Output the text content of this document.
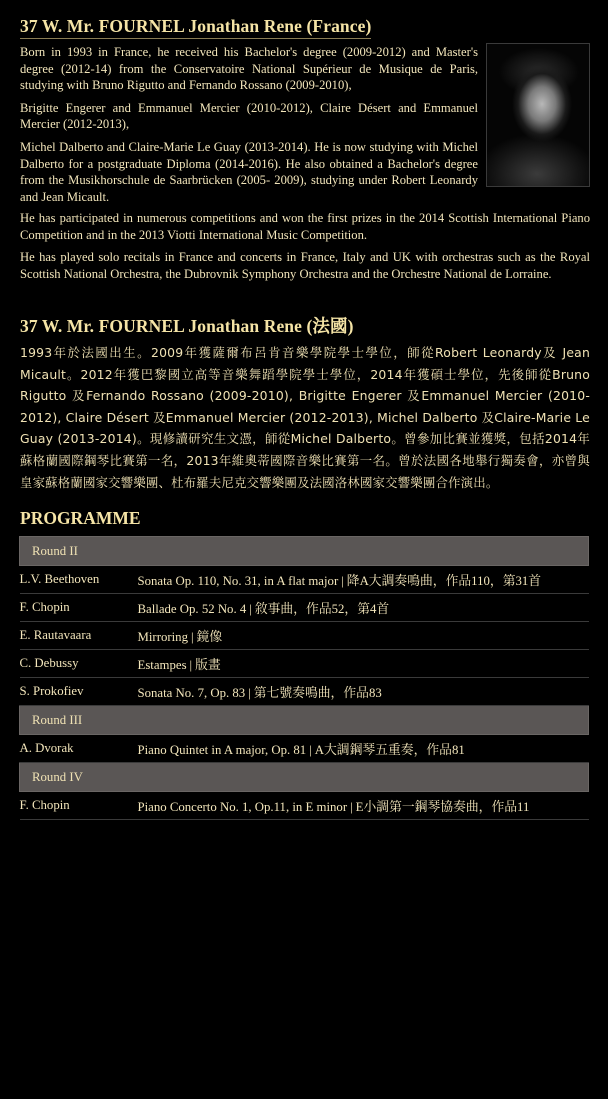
37 W. Mr. FOURNEL Jonathan Rene (France)

Born in 1993 in France, he received his Bachelor's degree (2009-2012) and Master's degree (2012-14) from the Conservatoire National Supérieur de Musique de Paris, studying with Bruno Rigutto and Fernando Rossano (2009-2010),

Brigitte Engerer and Emmanuel Mercier (2010-2012), Claire Désert and Emmanuel Mercier (2012-2013),

Michel Dalberto and Claire-Marie Le Guay (2013-2014). He is now studying with Michel Dalberto for a postgraduate Diploma (2014-2016). He also obtained a Bachelor's degree from the Musikhorschule de Saarbrücken (2005- 2009), studying under Robert Leonardy and Jean Micault.

He has participated in numerous competitions and won the first prizes in the 2014 Scottish International Piano Competition and in the 2013 Viotti International Music Competition.

He has played solo recitals in France and concerts in France, Italy and UK with orchestras such as the Royal Scottish National Orchestra, the Dubrovnik Symphony Orchestra and the Orchestre National de Lorraine.

37 W. Mr. FOURNEL Jonathan Rene (法國)
1993年於法國出生。2009年獲薩爾布呂肯音樂學院學士學位，師從Robert Leonardy及 Jean Micault。2012年獲巴黎國立高等音樂舞蹈學院學士學位，2014年獲碩士學位，先後師從Bruno Rigutto 及Fernando Rossano (2009-2010), Brigitte Engerer 及Emmanuel Mercier (2010-2012), Claire Désert 及Emmanuel Mercier (2012-2013), Michel Dalberto 及Claire-Marie Le Guay (2013-2014)。現修讀研究生文憑，師從Michel Dalberto。曾參加比賽並獲獎，包括2014年蘇格蘭國際鋼琴比賽第一名，2013年維奧蒂國際音樂比賽第一名。曾於法國各地舉行獨奏會，亦曾與皇家蘇格蘭國家交響樂團、杜布羅夫尼克交響樂團及法國洛林國家交響樂團合作演出。
PROGRAMME
Round II	
L.V. Beethoven	Sonata Op. 110, No. 31, in A flat major | 降A大調奏鳴曲，作品110，第31首
F. Chopin	Ballade Op. 52 No. 4 | 敘事曲，作品52，第4首
E. Rautavaara	Mirroring | 鏡像
C. Debussy	Estampes | 版畫
S. Prokofiev	Sonata No. 7, Op. 83 | 第七號奏鳴曲，作品83
Round III	
A. Dvorak	Piano Quintet in A major, Op. 81 | A大調鋼琴五重奏，作品81
Round IV	
F. Chopin	Piano Concerto No. 1, Op.11, in E minor | E小調第一鋼琴協奏曲，作品11
